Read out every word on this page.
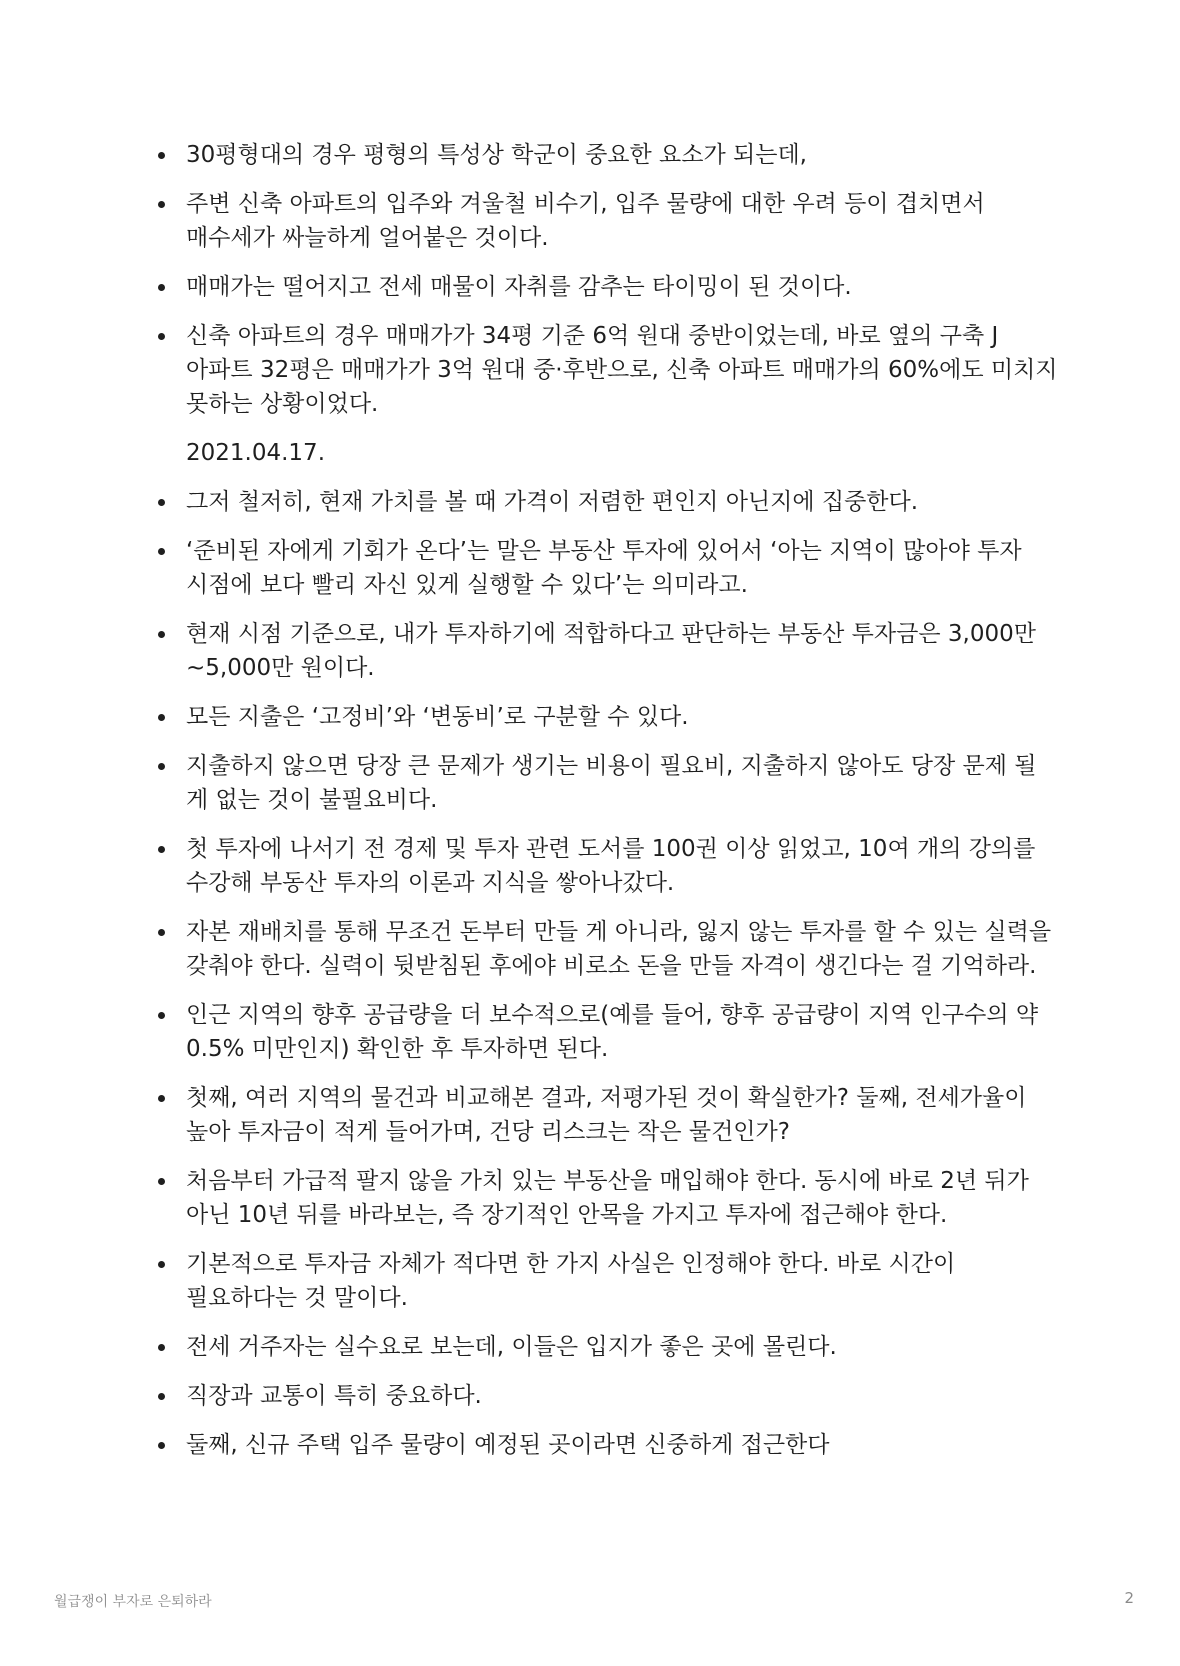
30평형대의 경우 평형의 특성상 학군이 중요한 요소가 되는데,
주변 신축 아파트의 입주와 겨울철 비수기, 입주 물량에 대한 우려 등이 겹치면서 매수세가 싸늘하게 얼어붙은 것이다.
매매가는 떨어지고 전세 매물이 자취를 감추는 타이밍이 된 것이다.
신축 아파트의 경우 매매가가 34평 기준 6억 원대 중반이었는데, 바로 옆의 구축 J 아파트 32평은 매매가가 3억 원대 중·후반으로, 신축 아파트 매매가의 60%에도 미치지 못하는 상황이었다.
2021.04.17.
그저 철저히, 현재 가치를 볼 때 가격이 저렴한 편인지 아닌지에 집중한다.
‘준비된 자에게 기회가 온다’는 말은 부동산 투자에 있어서 ‘아는 지역이 많아야 투자 시점에 보다 빨리 자신 있게 실행할 수 있다’는 의미라고.
현재 시점 기준으로, 내가 투자하기에 적합하다고 판단하는 부동산 투자금은 3,000만~5,000만 원이다.
모든 지출은 ‘고정비’와 ‘변동비’로 구분할 수 있다.
지출하지 않으면 당장 큰 문제가 생기는 비용이 필요비, 지출하지 않아도 당장 문제 될 게 없는 것이 불필요비다.
첫 투자에 나서기 전 경제 및 투자 관련 도서를 100권 이상 읽었고, 10여 개의 강의를 수강해 부동산 투자의 이론과 지식을 쌓아나갔다.
자본 재배치를 통해 무조건 돈부터 만들 게 아니라, 잃지 않는 투자를 할 수 있는 실력을 갖춰야 한다. 실력이 뒷받침된 후에야 비로소 돈을 만들 자격이 생긴다는 걸 기억하라.
인근 지역의 향후 공급량을 더 보수적으로(예를 들어, 향후 공급량이 지역 인구수의 약 0.5% 미만인지) 확인한 후 투자하면 된다.
첫째, 여러 지역의 물건과 비교해본 결과, 저평가된 것이 확실한가? 둘째, 전세가율이 높아 투자금이 적게 들어가며, 건당 리스크는 작은 물건인가?
처음부터 가급적 팔지 않을 가치 있는 부동산을 매입해야 한다. 동시에 바로 2년 뒤가 아닌 10년 뒤를 바라보는, 즉 장기적인 안목을 가지고 투자에 접근해야 한다.
기본적으로 투자금 자체가 적다면 한 가지 사실은 인정해야 한다. 바로 시간이 필요하다는 것 말이다.
전세 거주자는 실수요로 보는데, 이들은 입지가 좋은 곳에 몰린다.
직장과 교통이 특히 중요하다.
둘째, 신규 주택 입주 물량이 예정된 곳이라면 신중하게 접근한다
월급쟁이 부자로 은퇴하라	2
